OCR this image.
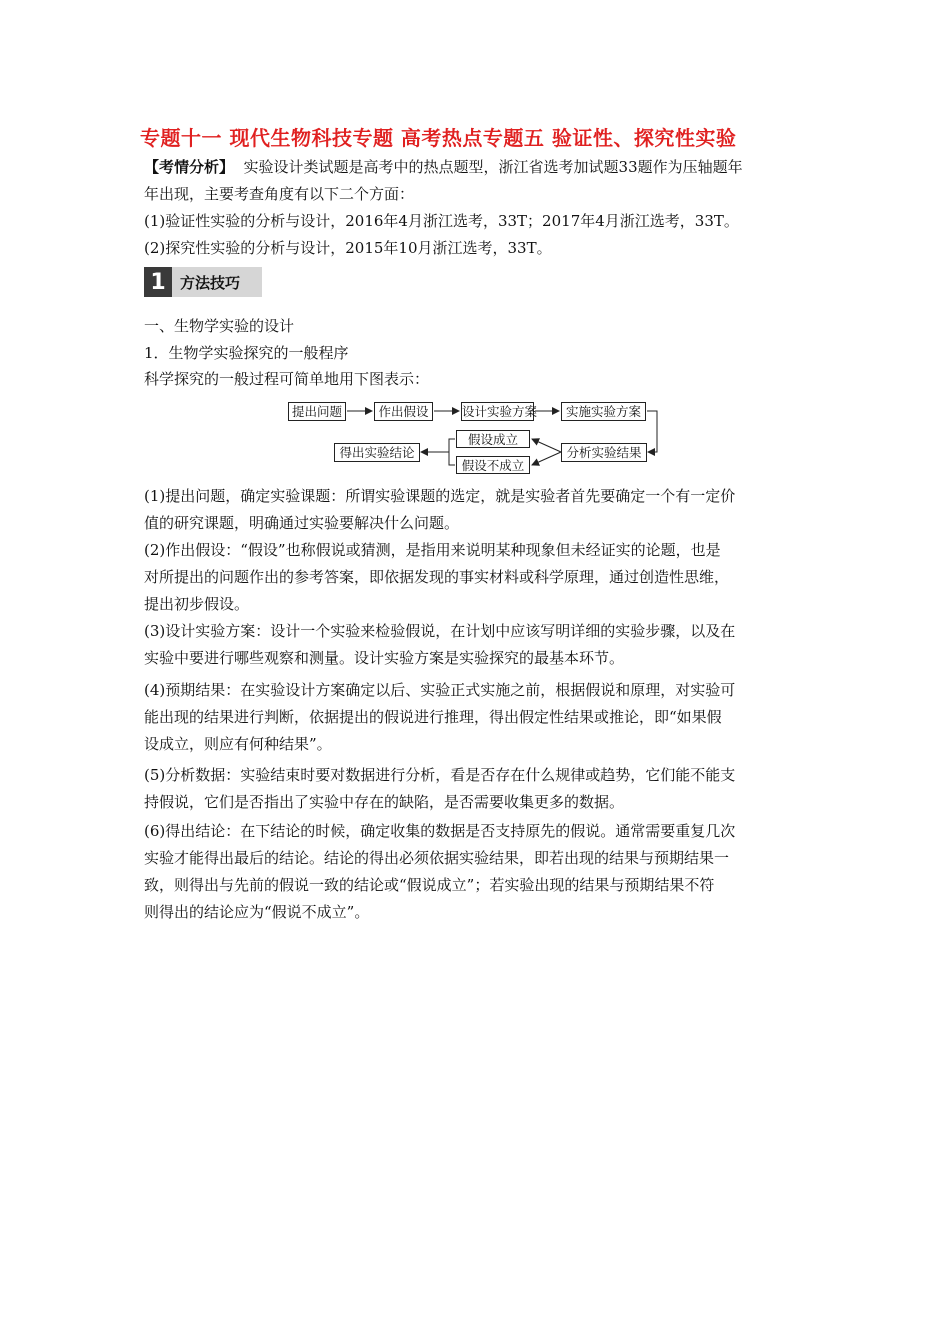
专题十一 现代生物科技专题 高考热点专题五 验证性、探究性实验
【考情分析】  实验设计类试题是高考中的热点题型，浙江省选考加试题33题作为压轴题年
年出现，主要考查角度有以下二个方面：
(1)验证性实验的分析与设计，2016年4月浙江选考，33T；2017年4月浙江选考，33T。
(2)探究性实验的分析与设计，2015年10月浙江选考，33T。
1 方法技巧
一、生物学实验的设计
1．生物学实验探究的一般程序
科学探究的一般过程可简单地用下图表示：
提出问题	作出假设	设计实验方案	实施实验方案
假设成立
假设不成立
分析实验结果
得出实验结论
(1)提出问题，确定实验课题：所谓实验课题的选定，就是实验者首先要确定一个有一定价
值的研究课题，明确通过实验要解决什么问题。
(2)作出假设：“假设”也称假说或猜测，是指用来说明某种现象但未经证实的论题，也是
对所提出的问题作出的参考答案，即依据发现的事实材料或科学原理，通过创造性思维，
提出初步假设。
(3)设计实验方案：设计一个实验来检验假说，在计划中应该写明详细的实验步骤，以及在
实验中要进行哪些观察和测量。设计实验方案是实验探究的最基本环节。
(4)预期结果：在实验设计方案确定以后、实验正式实施之前，根据假说和原理，对实验可
能出现的结果进行判断，依据提出的假说进行推理，得出假定性结果或推论，即“如果假
设成立，则应有何种结果”。
(5)分析数据：实验结束时要对数据进行分析，看是否存在什么规律或趋势，它们能不能支
持假说，它们是否指出了实验中存在的缺陷，是否需要收集更多的数据。
(6)得出结论：在下结论的时候，确定收集的数据是否支持原先的假说。通常需要重复几次
实验才能得出最后的结论。结论的得出必须依据实验结果，即若出现的结果与预期结果一
致，则得出与先前的假说一致的结论或“假说成立”；若实验出现的结果与预期结果不符
则得出的结论应为“假说不成立”。
